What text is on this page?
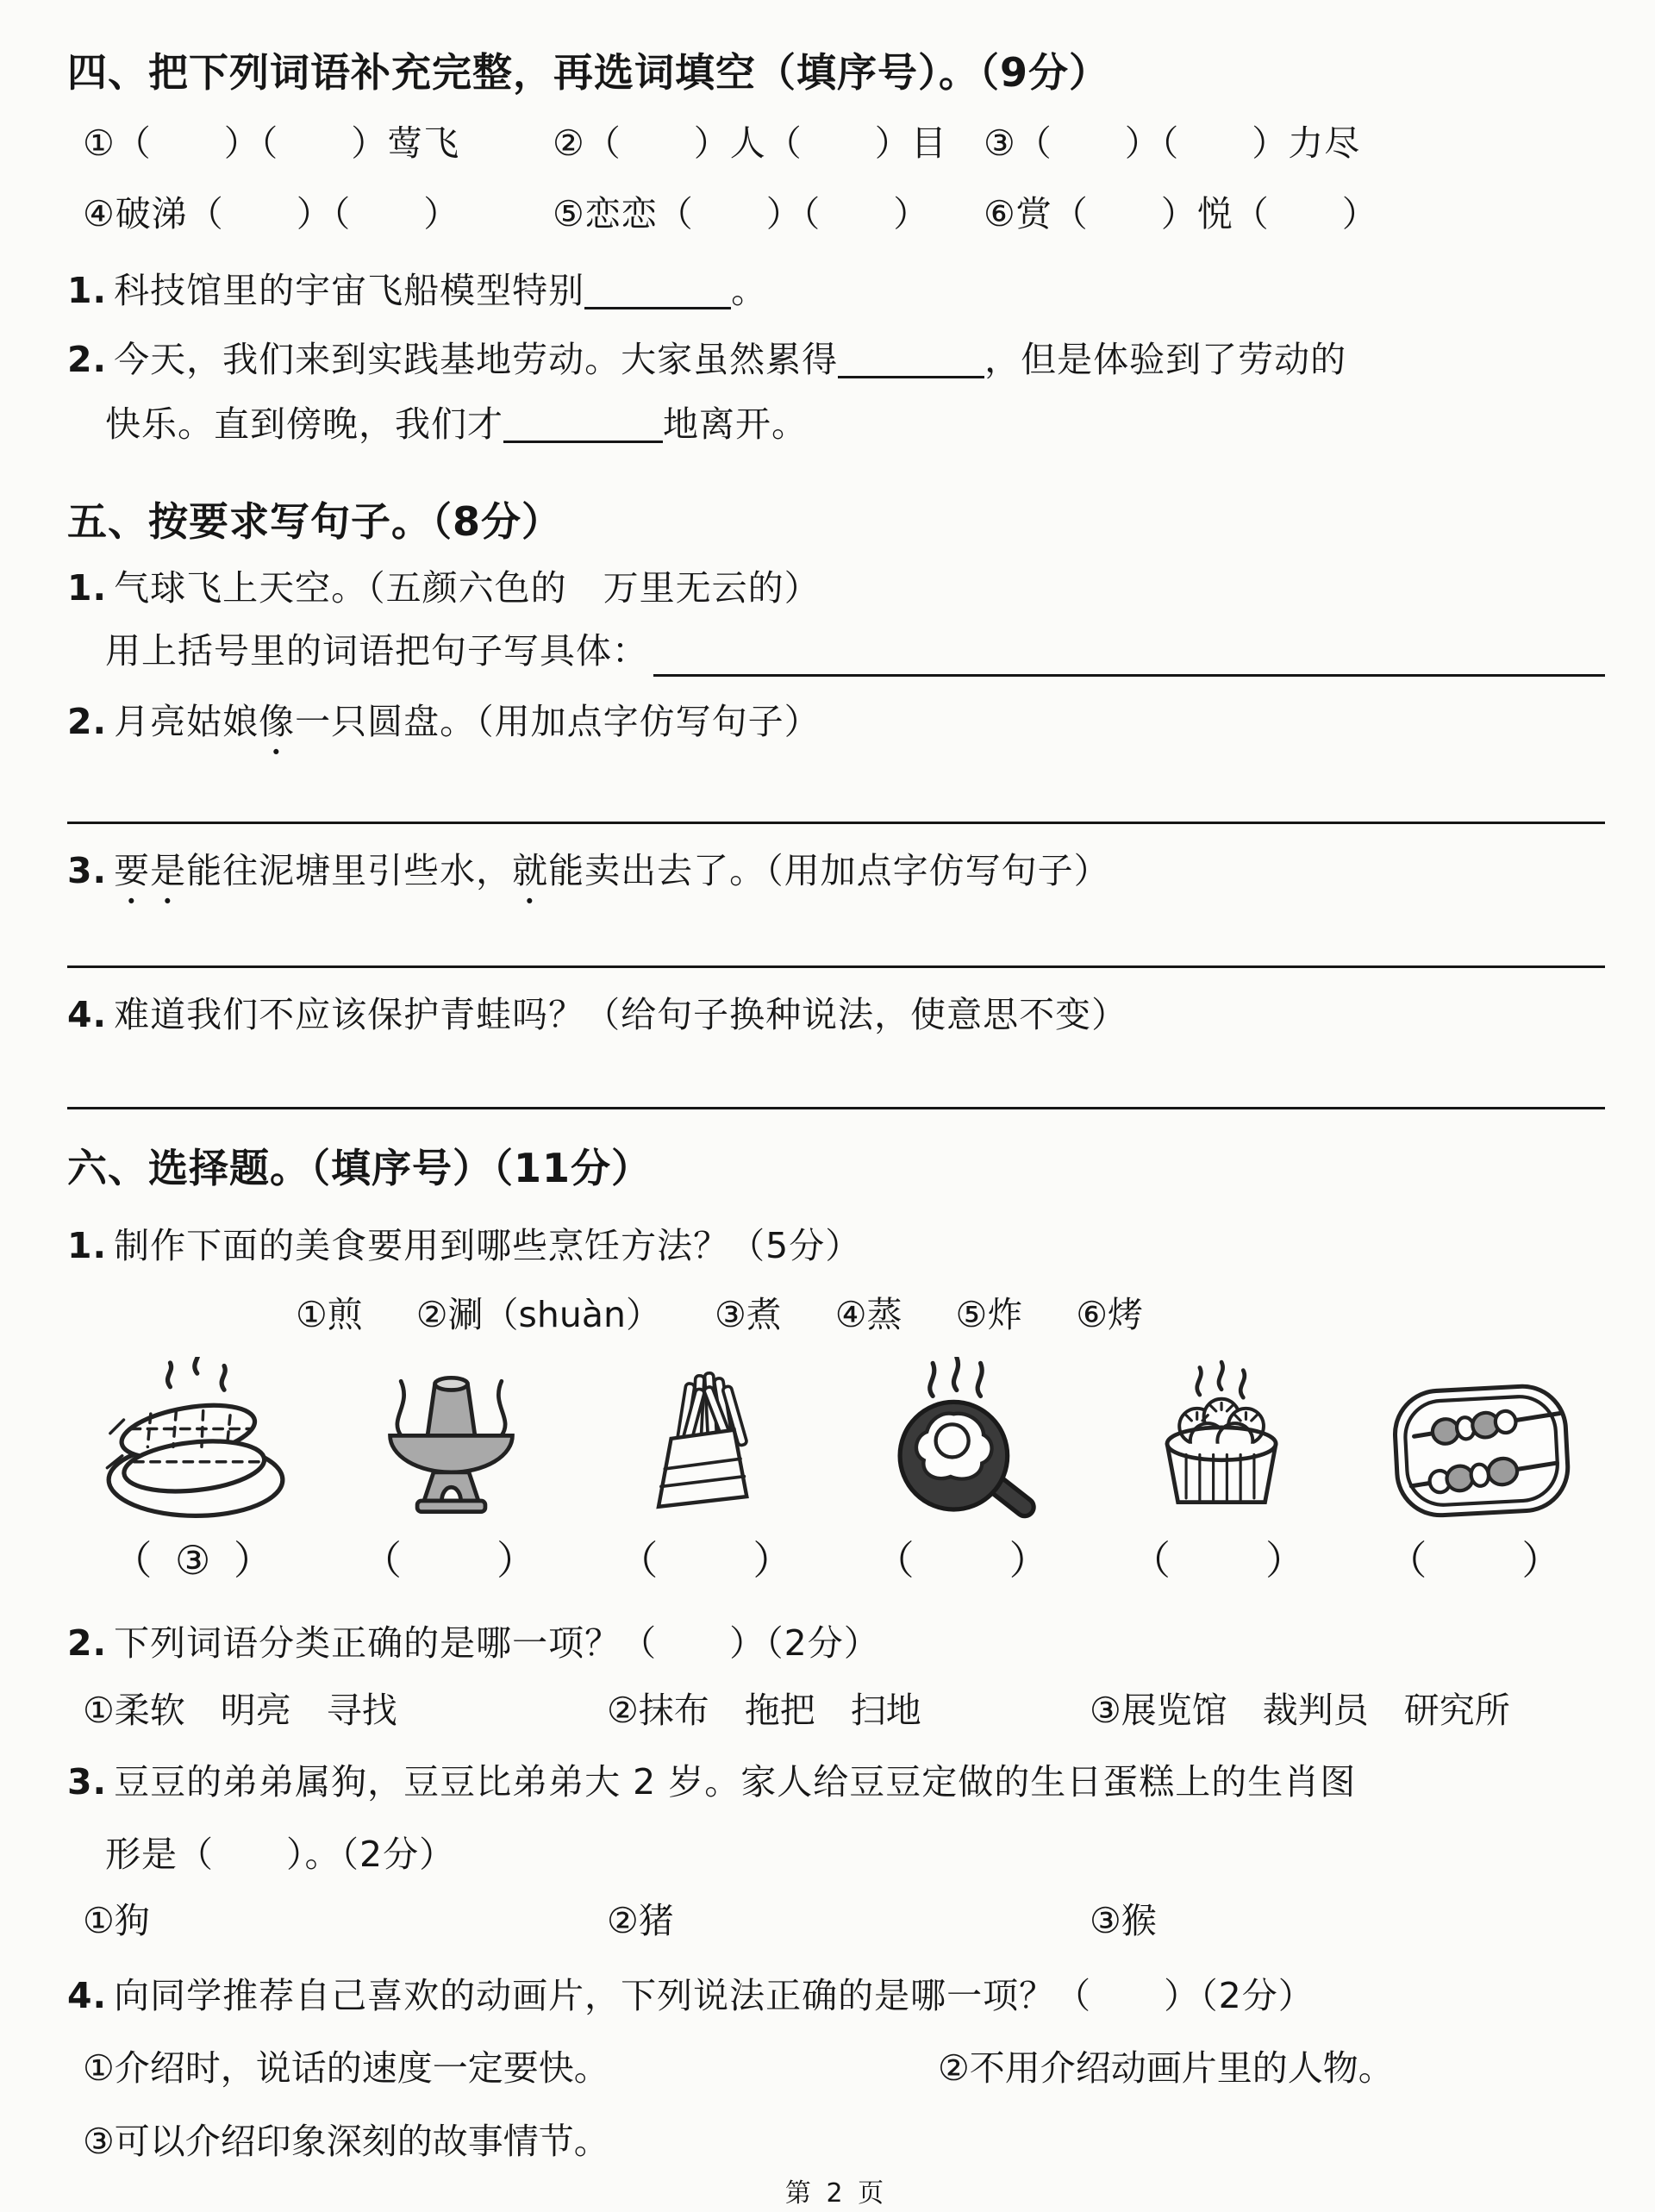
四、把下列词语补充完整，再选词填空（填序号）。（9分）
①（　　）（　　）莺飞	②（　　）人（　　）目	③（　　）（　　）力尽
④破涕（　　）（　　）	⑤恋恋（　　）（　　）	⑥赏（　　）悦（　　）
1. 科技馆里的宇宙飞船模型特别	。
2. 今天，我们来到实践基地劳动。大家虽然累得	，但是体验到了劳动的
快乐。直到傍晚，我们才	地离开。
五、按要求写句子。（8分）
1. 气球飞上天空。（五颜六色的　万里无云的）
用上括号里的词语把句子写具体：
2. 月亮姑娘像一只圆盘。（用加点字仿写句子）
3. 要是能往泥塘里引些水，就能卖出去了。（用加点字仿写句子）
4. 难道我们不应该保护青蛙吗？（给句子换种说法，使意思不变）
六、选择题。（填序号）（11分）
1. 制作下面的美食要用到哪些烹饪方法？（5分）
①煎 ②涮（shuàn） ③煮 ④蒸 ⑤炸 ⑥烤
（ ③ ）	（　　）	（　　）	（　　）	（　　）	（　　）
2. 下列词语分类正确的是哪一项？（　　）（2分）
①柔软　明亮　寻找	②抹布　拖把　扫地	③展览馆　裁判员　研究所
3. 豆豆的弟弟属狗，豆豆比弟弟大 2 岁。家人给豆豆定做的生日蛋糕上的生肖图
形是（　　）。（2分）
①狗	②猪	③猴
4. 向同学推荐自己喜欢的动画片，下列说法正确的是哪一项？（　　）（2分）
①介绍时，说话的速度一定要快。	②不用介绍动画片里的人物。
③可以介绍印象深刻的故事情节。
第 2 页
